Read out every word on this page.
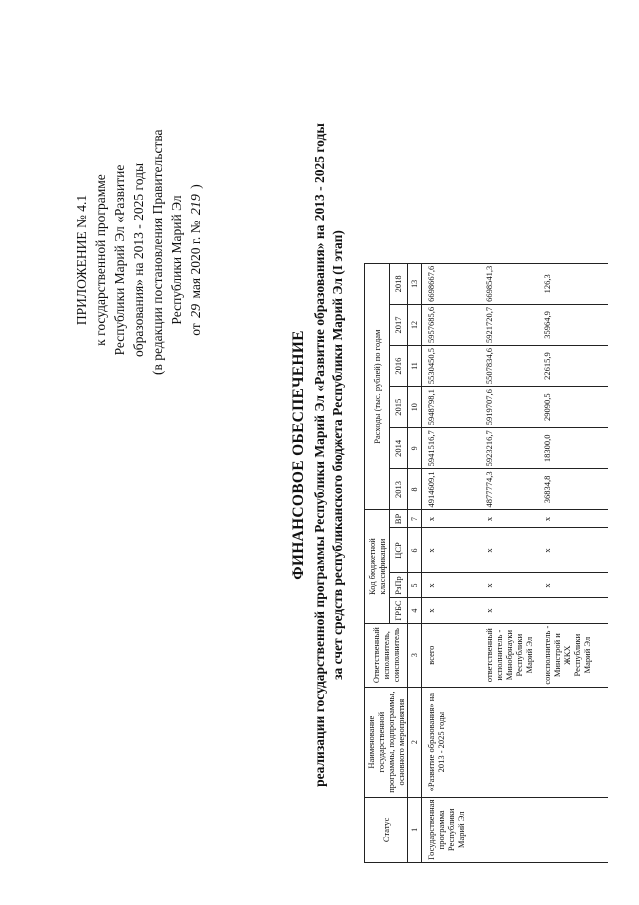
ПРИЛОЖЕНИЕ № 4.1 к государственной программе Республики Марий Эл «Развитие образования» на 2013 - 2025 годы (в редакции постановления Правительства Республики Марий Эл
от 29 мая 2020 г. № 219 )
ФИНАНСОВОЕ ОБЕСПЕЧЕНИЕ реализации государственной программы Республики Марий Эл «Развитие образования» на 2013 - 2025 годы за счет средств республиканского бюджета Республики Марий Эл (I этап)
Статус	Наименование государственной программы, подпрограммы, основного мероприятия	Ответственный исполнитель, соисполнитель	Код бюджетной классификации				Расходы (тыс. рублей) по годам					
			ГРБС	РзПр	ЦСР	ВР	2013	2014	2015	2016	2017	2018
1	2	3	4	5	6	7	8	9	10	11	12	13
Государственная программа Республики Марий Эл	«Развитие образования» на 2013 - 2025 годы	всего	х	х	х	х	4914609,1	5941516,7	5948798,1	5530450,5	5957685,6	6698667,6
		ответственный исполнитель - Минобрнауки Республики Марий Эл	х	х	х	х	4877774,3	5923216,7	5919707,6	5507834,6	5921720,7	6698541,3
		соисполнитель - Минстрой и ЖКХ Республики Марий Эл		х	х	х	36834,8	18300,0	29090,5	22615,9	35964,9	126,3
